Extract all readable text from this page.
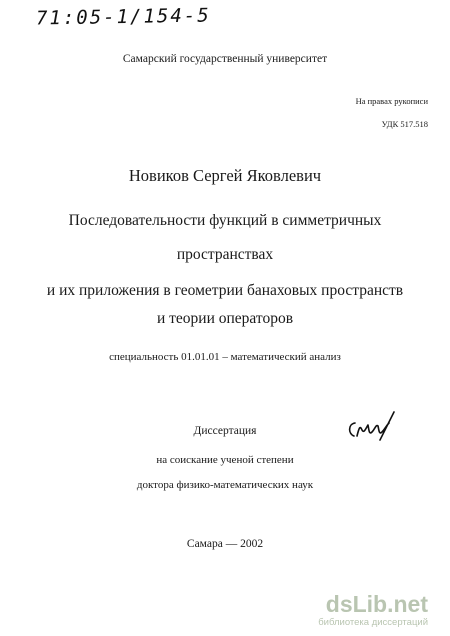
71:05-1/154-5
Самарский государственный университет
На правах рукописи
УДК 517.518
Новиков Сергей Яковлевич
Последовательности функций в симметричных
пространствах
и их приложения в геометрии банаховых пространств
и теории операторов
специальность 01.01.01 – математический анализ
Диссертация
на соискание ученой степени
доктора физико-математических наук
Самара — 2002
dsLib.net
библиотека диссертаций
